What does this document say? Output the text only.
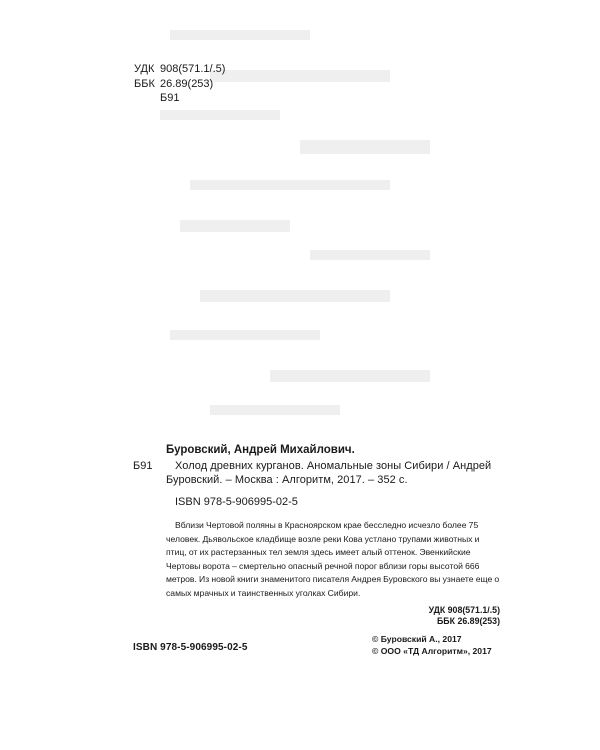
УДК 908(571.1/.5)
ББК 26.89(253)
Б91
Буровский, Андрей Михайлович.
Б91	Холод древних курганов. Аномальные зоны Сибири / Андрей Буровский. – Москва : Алгоритм, 2017. – 352 с.
ISBN 978-5-906995-02-5
Вблизи Чертовой поляны в Красноярском крае бесследно исчезло более 75 человек. Дьявольское кладбище возле реки Кова устлано трупами животных и птиц, от их растерзанных тел земля здесь имеет алый оттенок. Эвенкийские Чертовы ворота – смертельно опасный речной порог вблизи горы высотой 666 метров. Из новой книги знаменитого писателя Андрея Буровского вы узнаете еще о самых мрачных и таинственных уголках Сибири.
УДК 908(571.1/.5)
ББК 26.89(253)
ISBN 978-5-906995-02-5
© Буровский А., 2017
© ООО «ТД Алгоритм», 2017
